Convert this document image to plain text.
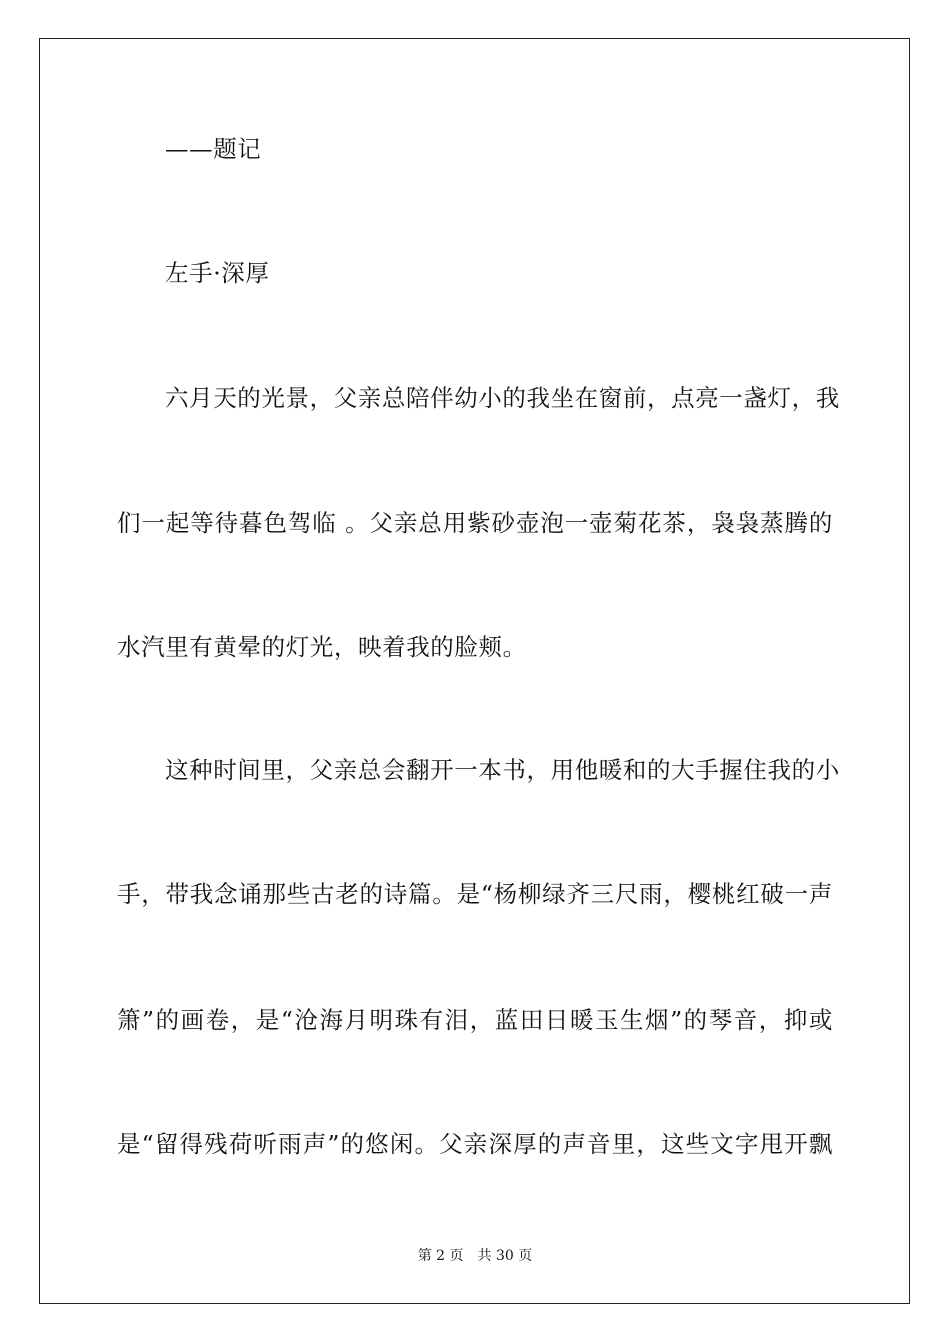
——题记
左手·深厚
六月天的光景，父亲总陪伴幼小的我坐在窗前，点亮一盏灯，我
们一起等待暮色驾临 。父亲总用紫砂壶泡一壶菊花茶，袅袅蒸腾的
水汽里有黄晕的灯光，映着我的脸颊。
这种时间里，父亲总会翻开一本书，用他暖和的大手握住我的小
手，带我念诵那些古老的诗篇。是“杨柳绿齐三尺雨，樱桃红破一声
箫”的画卷，是“沧海月明珠有泪，蓝田日暖玉生烟”的琴音，抑或
是“留得残荷听雨声”的悠闲。父亲深厚的声音里，这些文字甩开飘
第 2 页　共 30 页
